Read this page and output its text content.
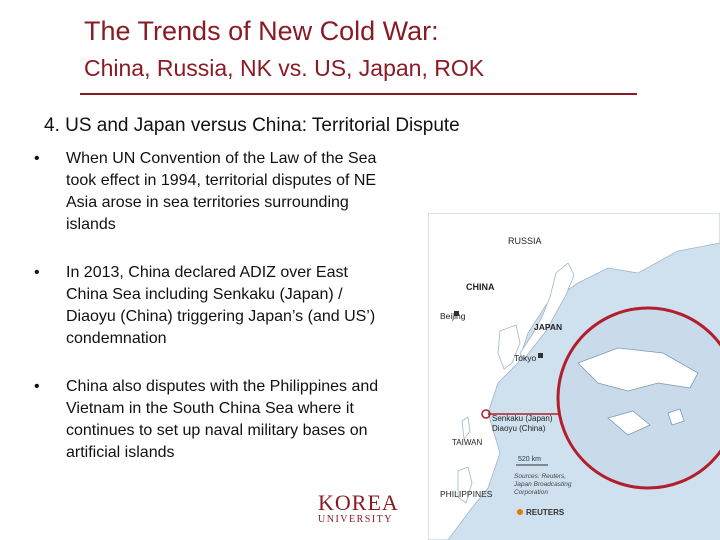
The Trends of New Cold War:
China, Russia, NK vs. US, Japan, ROK
4. US and Japan versus China: Territorial Dispute
• When UN Convention of the Law of the Sea took effect in 1994, territorial disputes of NE Asia arose in sea territories surrounding islands
• In 2013, China declared ADIZ over East China Sea including Senkaku (Japan) / Diaoyu (China) triggering Japan’s (and US’) condemnation
• China also disputes with the Philippines and Vietnam in the South China Sea where it continues to set up naval military bases on artificial islands
KOREA
UNIVERSITY
RUSSIA
CHINA
Beijing
JAPAN
Tokyo
Senkaku (Japan)
Diaoyu (China)
TAIWAN
PHILIPPINES
520 km
Sources: Reuters,
Japan Broadcasting
Corporation
REUTERS
